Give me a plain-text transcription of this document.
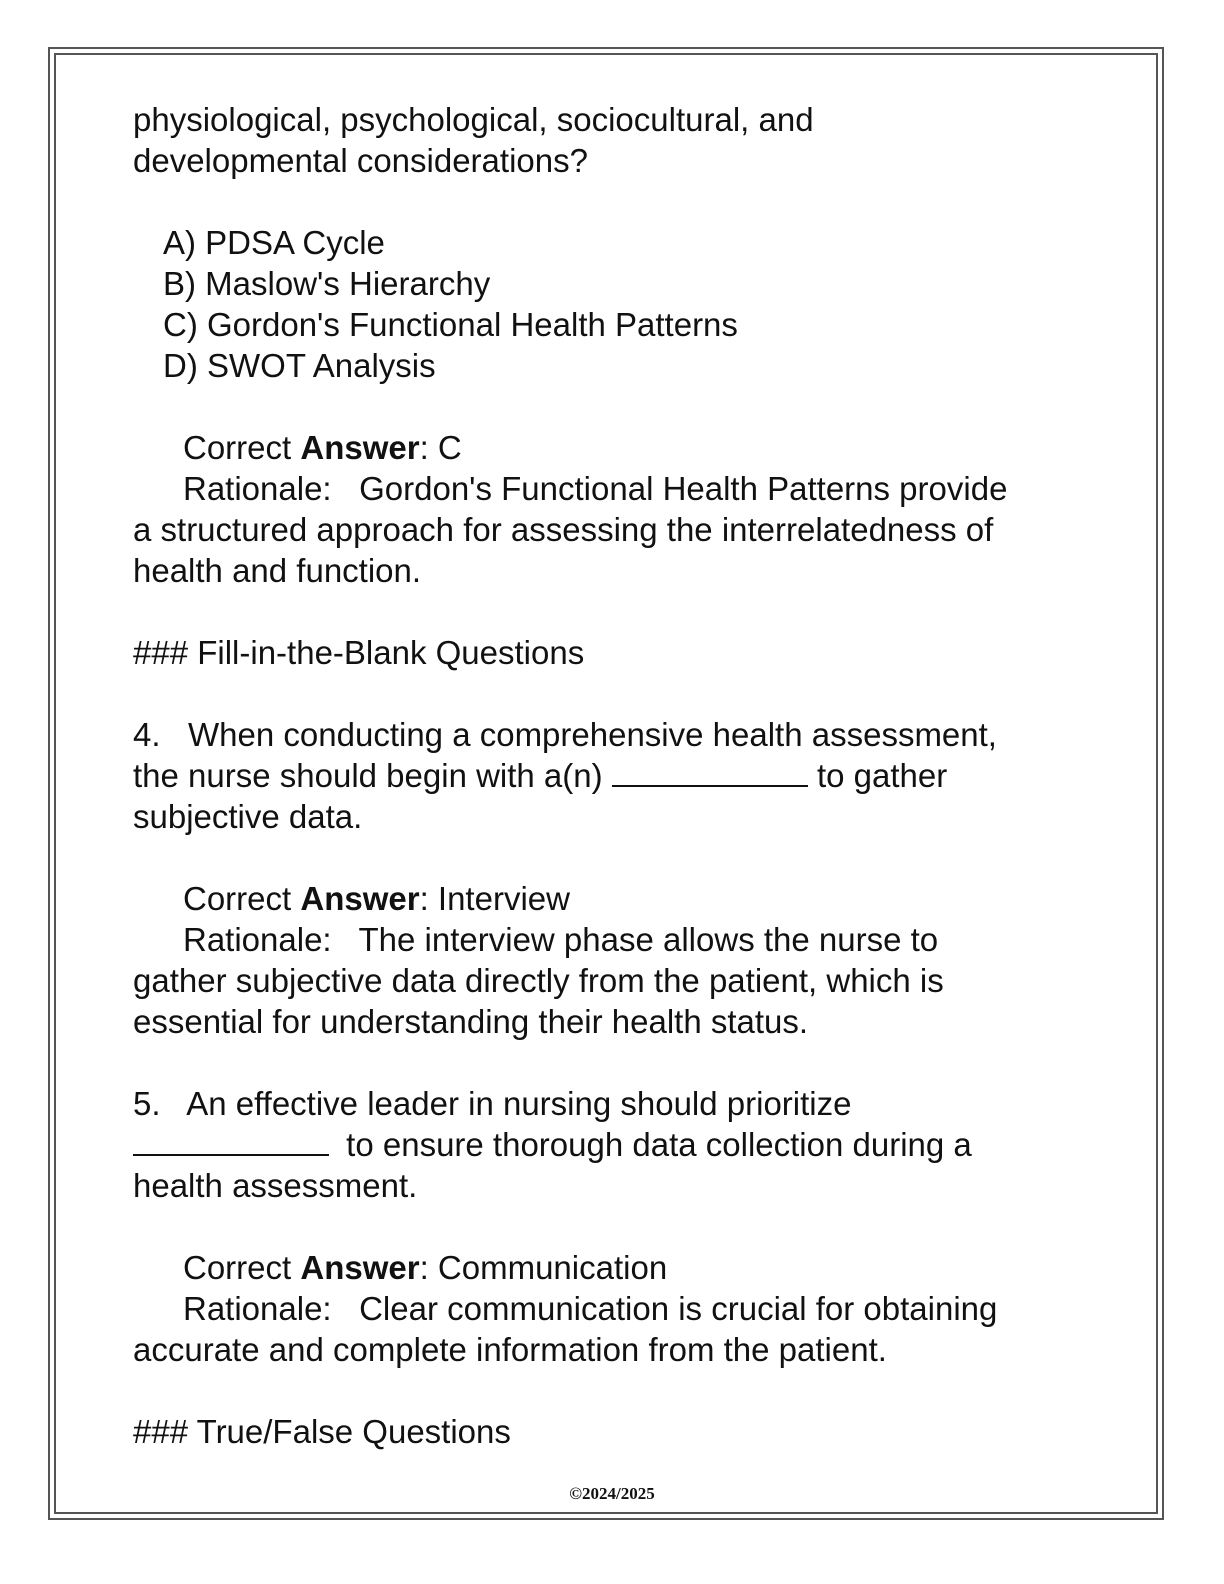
physiological, psychological, sociocultural, and

developmental considerations?

A) PDSA Cycle

B) Maslow's Hierarchy

C) Gordon's Functional Health Patterns

D) SWOT Analysis

Correct Answer: C

Rationale:   Gordon's Functional Health Patterns provide

a structured approach for assessing the interrelatedness of

health and function.

### Fill-in-the-Blank Questions

4.   When conducting a comprehensive health assessment,

the nurse should begin with a(n)	to gather

subjective data.

Correct Answer: Interview

Rationale:   The interview phase allows the nurse to

gather subjective data directly from the patient, which is

essential for understanding their health status.

5.   An effective leader in nursing should prioritize

to ensure thorough data collection during a

health assessment.

Correct Answer: Communication

Rationale:   Clear communication is crucial for obtaining

accurate and complete information from the patient.

### True/False Questions

©2024/2025
